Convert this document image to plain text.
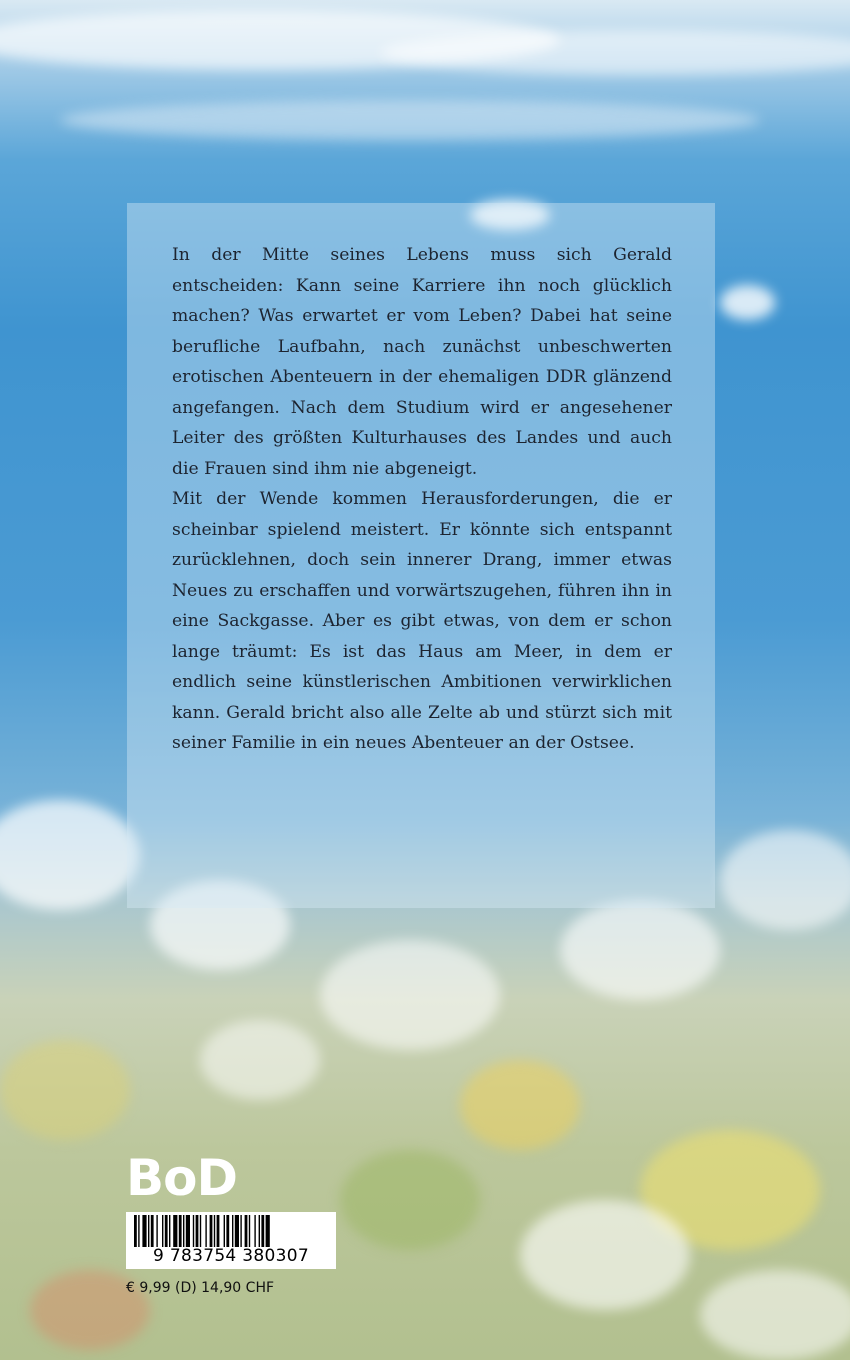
In der Mitte seines Lebens muss sich Gerald entscheiden: Kann seine Karriere ihn noch glücklich machen? Was erwartet er vom Leben? Dabei hat seine berufliche Laufbahn, nach zunächst unbeschwerten erotischen Abenteuern in der ehemaligen DDR glänzend angefangen. Nach dem Studium wird er angesehener Leiter des größten Kulturhauses des Landes und auch die Frauen sind ihm nie abgeneigt.

Mit der Wende kommen Herausforderungen, die er scheinbar spielend meistert. Er könnte sich entspannt zurücklehnen, doch sein innerer Drang, immer etwas Neues zu erschaffen und vorwärtszugehen, führen ihn in eine Sackgasse. Aber es gibt etwas, von dem er schon lange träumt: Es ist das Haus am Meer, in dem er endlich seine künstlerischen Ambitionen verwirklichen kann. Gerald bricht also alle Zelte ab und stürzt sich mit seiner Familie in ein neues Abenteuer an der Ostsee.

BoD
9 783754 380307
€ 9,99 (D) 14,90 CHF
